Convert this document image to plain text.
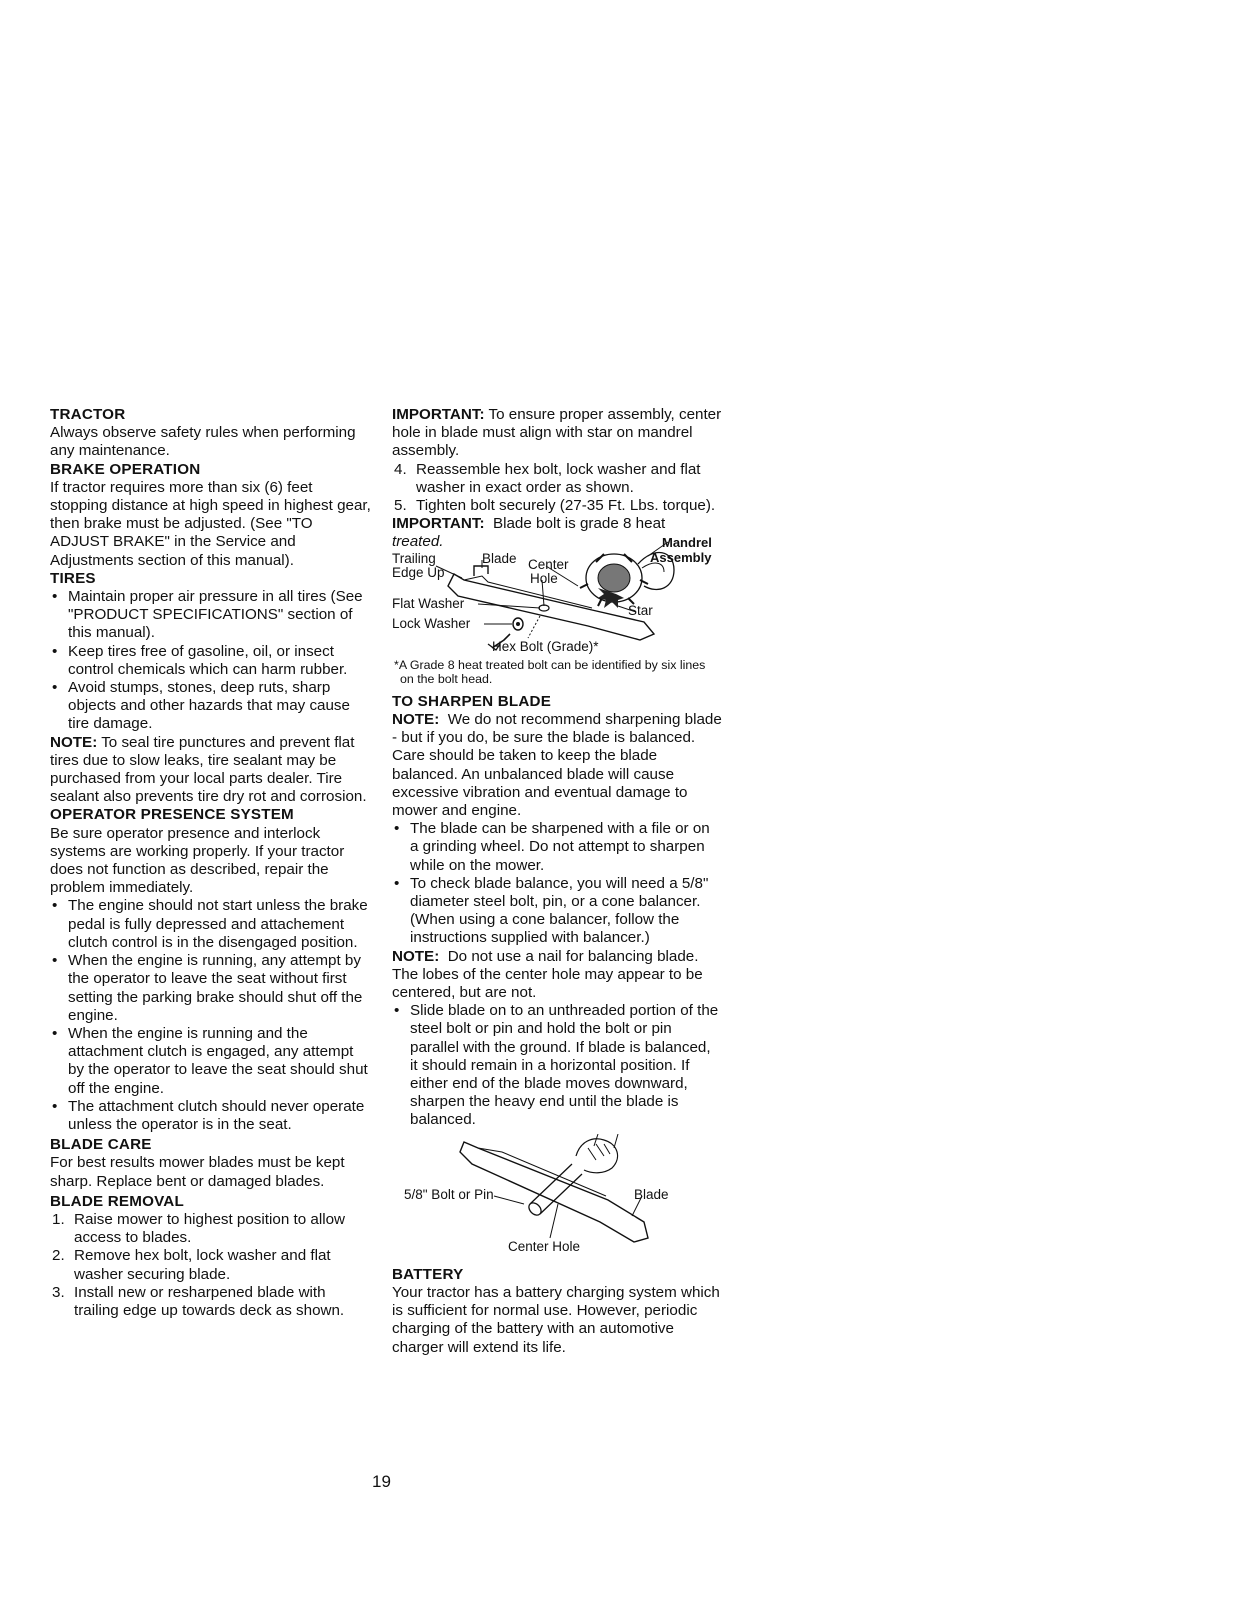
TRACTOR

Always observe safety rules when performing any maintenance.

BRAKE OPERATION

If tractor requires more than six (6) feet stopping distance at high speed in highest gear, then brake must be adjusted. (See "TO ADJUST BRAKE" in the Service and Adjustments section of this manual).

TIRES

• Maintain proper air pressure in all tires (See "PRODUCT SPECIFICATIONS" section of this manual).
• Keep tires free of gasoline, oil, or insect control chemicals which can harm rubber.
• Avoid stumps, stones, deep ruts, sharp objects and other hazards that may cause tire damage.

NOTE: To seal tire punctures and prevent flat tires due to slow leaks, tire sealant may be purchased from your local parts dealer. Tire sealant also prevents tire dry rot and corrosion.

OPERATOR PRESENCE SYSTEM

Be sure operator presence and interlock systems are working properly. If your tractor does not function as described, repair the problem immediately.

• The engine should not start unless the brake pedal is fully depressed and attachement clutch control is in the disengaged position.
• When the engine is running, any attempt by the operator to leave the seat without first setting the parking brake should shut off the engine.
• When the engine is running and the attachment clutch is engaged, any attempt by the operator to leave the seat should shut off the engine.
• The attachment clutch should never operate unless the operator is in the seat.

BLADE CARE

For best results mower blades must be kept sharp. Replace bent or damaged blades.

BLADE REMOVAL

1. Raise mower to highest position to allow access to blades.
2. Remove hex bolt, lock washer and flat washer securing blade.
3. Install new or resharpened blade with trailing edge up towards deck as shown.

IMPORTANT: To ensure proper assembly, center hole in blade must align with star on mandrel assembly.

4. Reassemble hex bolt, lock washer and flat washer in exact order as shown.
5. Tighten bolt securely (27-35 Ft. Lbs. torque).

IMPORTANT: Blade bolt is grade 8 heat
treated.	Mandrel
Assembly
Trailing
Edge Up
Blade Center
Hole
Flat Washer
Lock Washer
Star
Hex Bolt (Grade)*

*A Grade 8 heat treated bolt can be identified by six lines on the bolt head.

TO SHARPEN BLADE

NOTE: We do not recommend sharpening blade - but if you do, be sure the blade is balanced.

Care should be taken to keep the blade balanced. An unbalanced blade will cause excessive vibration and eventual damage to mower and engine.

• The blade can be sharpened with a file or on a grinding wheel. Do not attempt to sharpen while on the mower.
• To check blade balance, you will need a 5/8" diameter steel bolt, pin, or a cone balancer. (When using a cone balancer, follow the instructions supplied with balancer.)

NOTE: Do not use a nail for balancing blade. The lobes of the center hole may appear to be centered, but are not.

• Slide blade on to an unthreaded portion of the steel bolt or pin and hold the bolt or pin parallel with the ground. If blade is balanced, it should remain in a horizontal position. If either end of the blade moves downward, sharpen the heavy end until the blade is balanced.
5/8" Bolt or Pin	Blade
Center Hole

BATTERY

Your tractor has a battery charging system which is sufficient for normal use. However, periodic charging of the battery with an automotive charger will extend its life.

19
